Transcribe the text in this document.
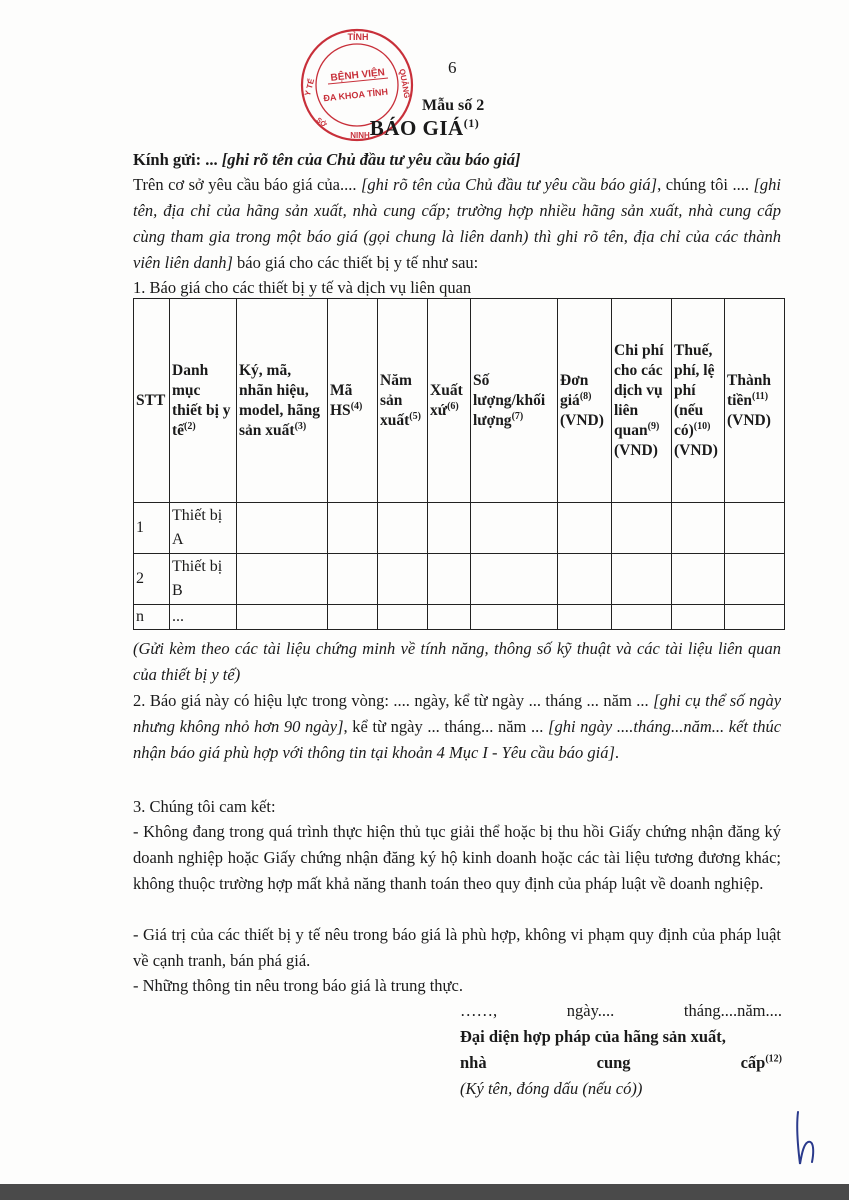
6
TỈNH
Y TẾ	QUẢNG
BỆNH VIỆN
ĐA KHOA TỈNH
NINH
SỞ
Mẫu số 2
BÁO GIÁ$^{(1)}$
Kính gửi: ... [ghi rõ tên của Chủ đầu tư yêu cầu báo giá]
Trên cơ sở yêu cầu báo giá của.... [ghi rõ tên của Chủ đầu tư yêu cầu báo giá], chúng tôi .... [ghi tên, địa chỉ của hãng sản xuất, nhà cung cấp; trường hợp nhiều hãng sản xuất, nhà cung cấp cùng tham gia trong một báo giá (gọi chung là liên danh) thì ghi rõ tên, địa chỉ của các thành viên liên danh] báo giá cho các thiết bị y tế như sau:
1. Báo giá cho các thiết bị y tế và dịch vụ liên quan
STT	Danh mục thiết bị y tế$^{(2)}$	Ký, mã, nhãn hiệu, model, hãng sản xuất$^{(3)}$	Mã HS$^{(4)}$	Năm sản xuất$^{(5)}$	Xuất xứ$^{(6)}$	Số lượng/khối lượng$^{(7)}$	Đơn giá$^{(8)}$ (VND)	Chi phí cho các dịch vụ liên quan$^{(9)}$ (VND)	Thuế, phí, lệ phí (nếu có)$^{(10)}$ (VND)	Thành tiền$^{(11)}$ (VND)
1	Thiết bị A									
2	Thiết bị B									
n	...									
(Gửi kèm theo các tài liệu chứng minh về tính năng, thông số kỹ thuật và các tài liệu liên quan của thiết bị y tế)
2. Báo giá này có hiệu lực trong vòng: .... ngày, kể từ ngày ... tháng ... năm ... [ghi cụ thể số ngày nhưng không nhỏ hơn 90 ngày], kể từ ngày ... tháng... năm ... [ghi ngày ....tháng...năm... kết thúc nhận báo giá phù hợp với thông tin tại khoản 4 Mục I - Yêu cầu báo giá].
3. Chúng tôi cam kết:
- Không đang trong quá trình thực hiện thủ tục giải thể hoặc bị thu hồi Giấy chứng nhận đăng ký doanh nghiệp hoặc Giấy chứng nhận đăng ký hộ kinh doanh hoặc các tài liệu tương đương khác; không thuộc trường hợp mất khả năng thanh toán theo quy định của pháp luật về doanh nghiệp.
- Giá trị của các thiết bị y tế nêu trong báo giá là phù hợp, không vi phạm quy định của pháp luật về cạnh tranh, bán phá giá.
- Những thông tin nêu trong báo giá là trung thực.
……,	ngày....	tháng....năm....
Đại diện hợp pháp của hãng sản xuất,
nhà	cung	cấp$^{(12)}$
(Ký tên, đóng dấu (nếu có))
